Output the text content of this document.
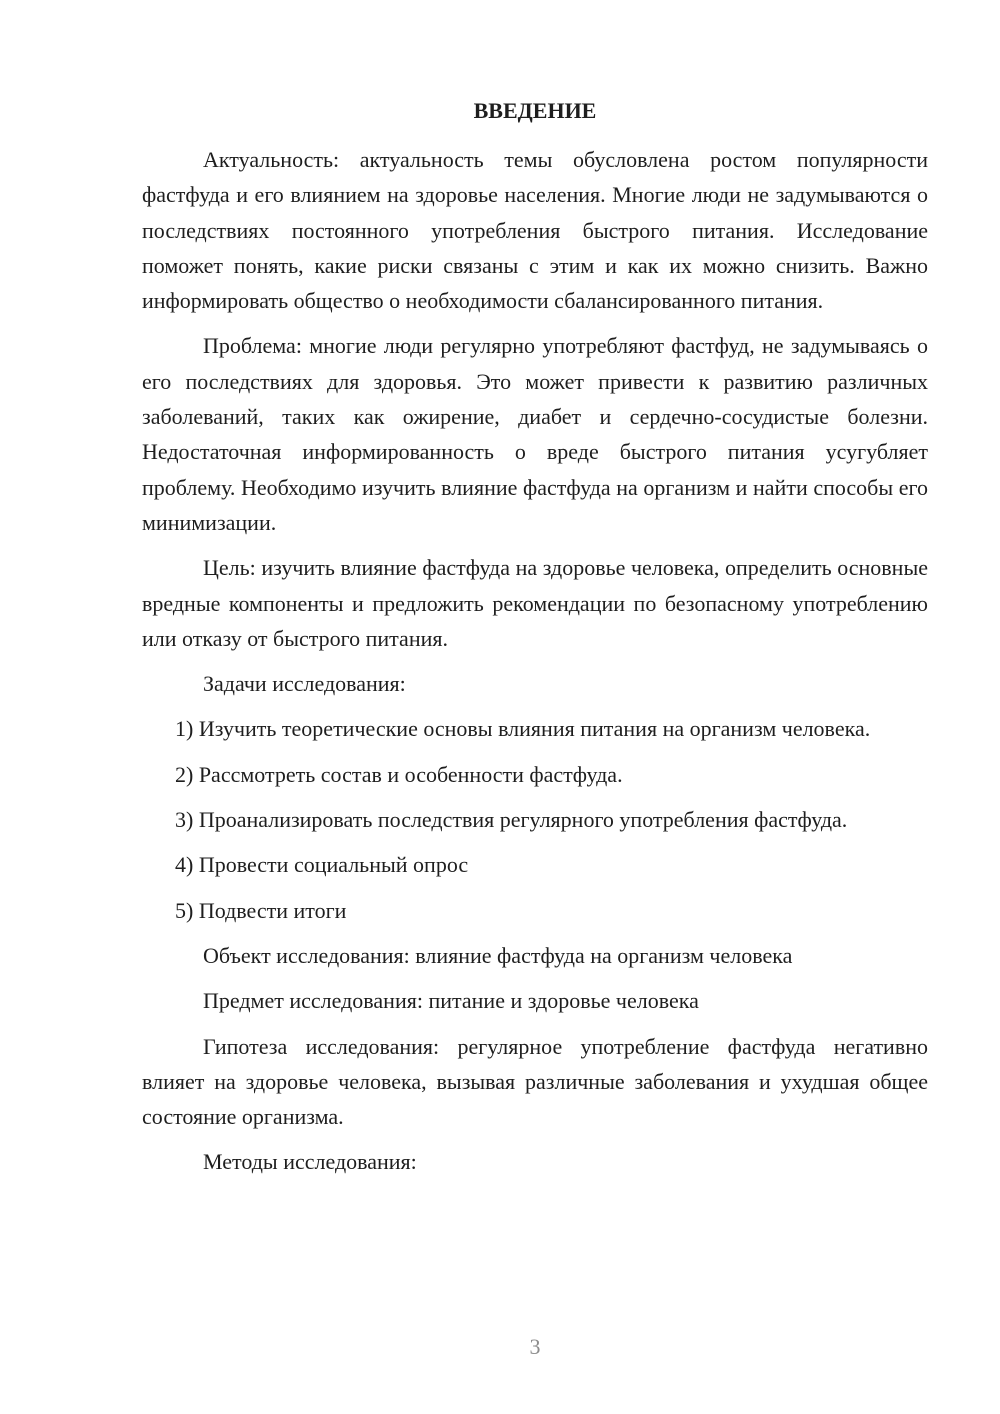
ВВЕДЕНИЕ

Актуальность: актуальность темы обусловлена ростом популярности фастфуда и его влиянием на здоровье населения. Многие люди не задумываются о последствиях постоянного употребления быстрого питания. Исследование поможет понять, какие риски связаны с этим и как их можно снизить. Важно информировать общество о необходимости сбалансированного питания.

Проблема: многие люди регулярно употребляют фастфуд, не задумываясь о его последствиях для здоровья. Это может привести к развитию различных заболеваний, таких как ожирение, диабет и сердечно-сосудистые болезни. Недостаточная информированность о вреде быстрого питания усугубляет проблему. Необходимо изучить влияние фастфуда на организм и найти способы его минимизации.

Цель: изучить влияние фастфуда на здоровье человека, определить основные вредные компоненты и предложить рекомендации по безопасному употреблению или отказу от быстрого питания.

Задачи исследования:

1) Изучить теоретические основы влияния питания на организм человека.

2) Рассмотреть состав и особенности фастфуда.

3) Проанализировать последствия регулярного употребления фастфуда.

4) Провести социальный опрос

5) Подвести итоги

Объект исследования: влияние фастфуда на организм человека

Предмет исследования: питание и здоровье человека

Гипотеза исследования: регулярное употребление фастфуда негативно влияет на здоровье человека, вызывая различные заболевания и ухудшая общее состояние организма.

Методы исследования:

3
